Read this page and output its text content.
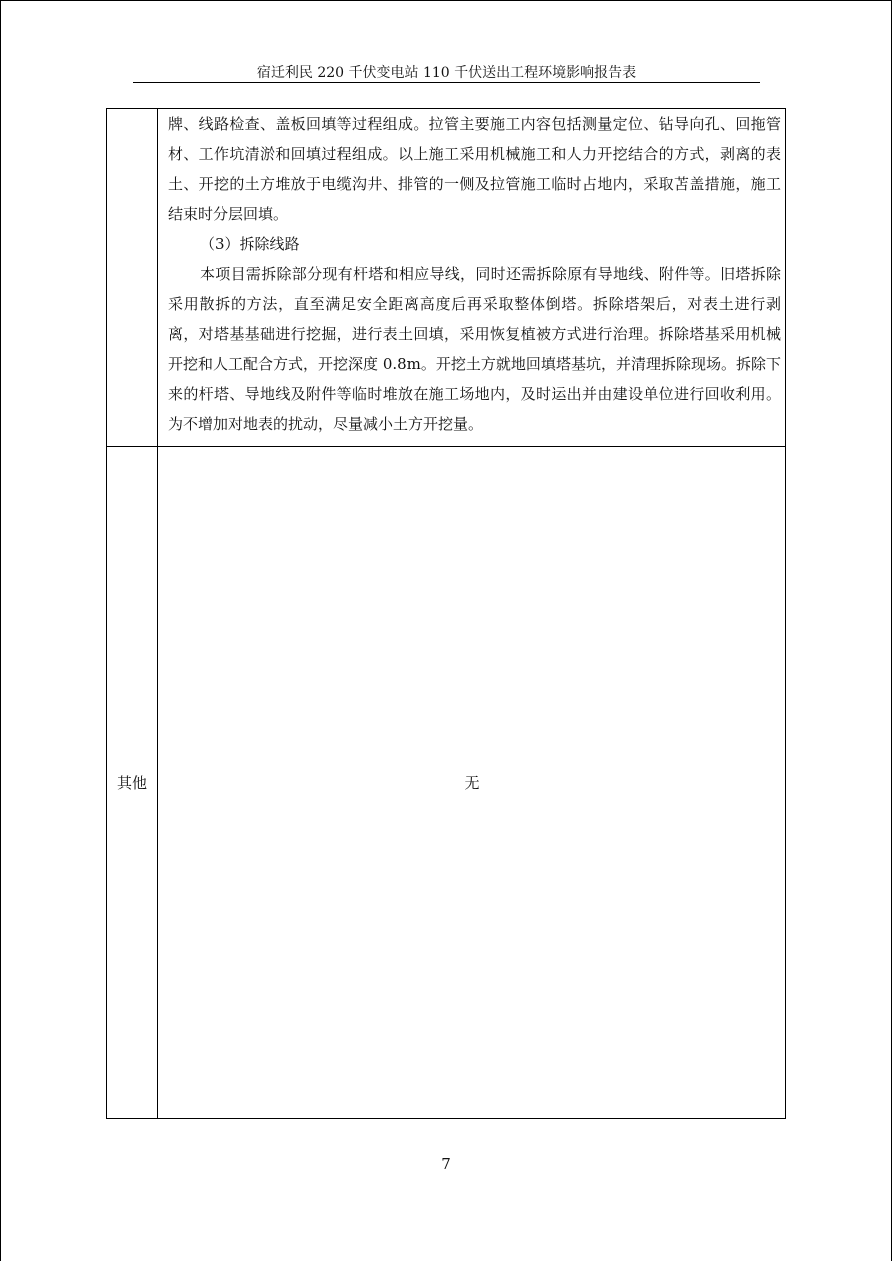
宿迁利民 220 千伏变电站 110 千伏送出工程环境影响报告表

牌、线路检查、盖板回填等过程组成。拉管主要施工内容包括测量定位、钻导向孔、回拖管材、工作坑清淤和回填过程组成。以上施工采用机械施工和人力开挖结合的方式，剥离的表土、开挖的土方堆放于电缆沟井、排管的一侧及拉管施工临时占地内，采取苫盖措施，施工结束时分层回填。

（3）拆除线路

本项目需拆除部分现有杆塔和相应导线，同时还需拆除原有导地线、附件等。旧塔拆除采用散拆的方法，直至满足安全距离高度后再采取整体倒塔。拆除塔架后，对表土进行剥离，对塔基基础进行挖掘，进行表土回填，采用恢复植被方式进行治理。拆除塔基采用机械开挖和人工配合方式，开挖深度 0.8m。开挖土方就地回填塔基坑，并清理拆除现场。拆除下来的杆塔、导地线及附件等临时堆放在施工场地内，及时运出并由建设单位进行回收利用。为不增加对地表的扰动，尽量减小土方开挖量。

其他	无
7
